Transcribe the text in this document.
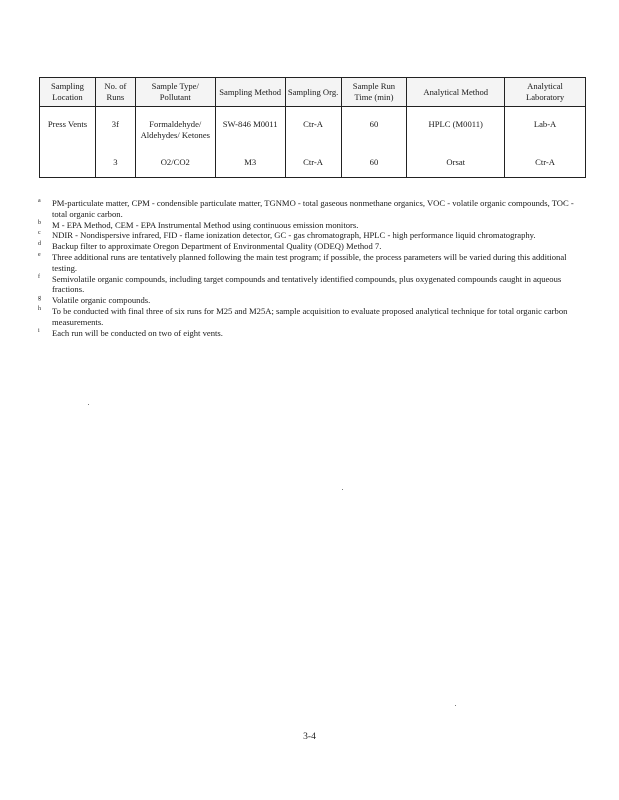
Sampling Location	No. of Runs	Sample Type/ Pollutant	Sampling Method	Sampling Org.	Sample Run Time (min)	Analytical Method	Analytical Laboratory
Press Vents	3f	Formaldehyde/ Aldehydes/ Ketones	SW-846 M0011	Ctr-A	60	HPLC (M0011)	Lab-A
	3	O2/CO2	M3	Ctr-A	60	Orsat	Ctr-A

a PM-particulate matter, CPM - condensible particulate matter, TGNMO - total gaseous nonmethane organics, VOC - volatile organic compounds, TOC - total organic carbon.

b M - EPA Method, CEM - EPA Instrumental Method using continuous emission monitors.

c NDIR - Nondispersive infrared, FID - flame ionization detector, GC - gas chromatograph, HPLC - high performance liquid chromatography.

d Backup filter to approximate Oregon Department of Environmental Quality (ODEQ) Method 7.

e Three additional runs are tentatively planned following the main test program; if possible, the process parameters will be varied during this additional testing.

f Semivolatile organic compounds, including target compounds and tentatively identified compounds, plus oxygenated compounds caught in aqueous fractions.

g Volatile organic compounds.

h To be conducted with final three of six runs for M25 and M25A; sample acquisition to evaluate proposed analytical technique for total organic carbon measurements.

i Each run will be conducted on two of eight vents.

3-4
